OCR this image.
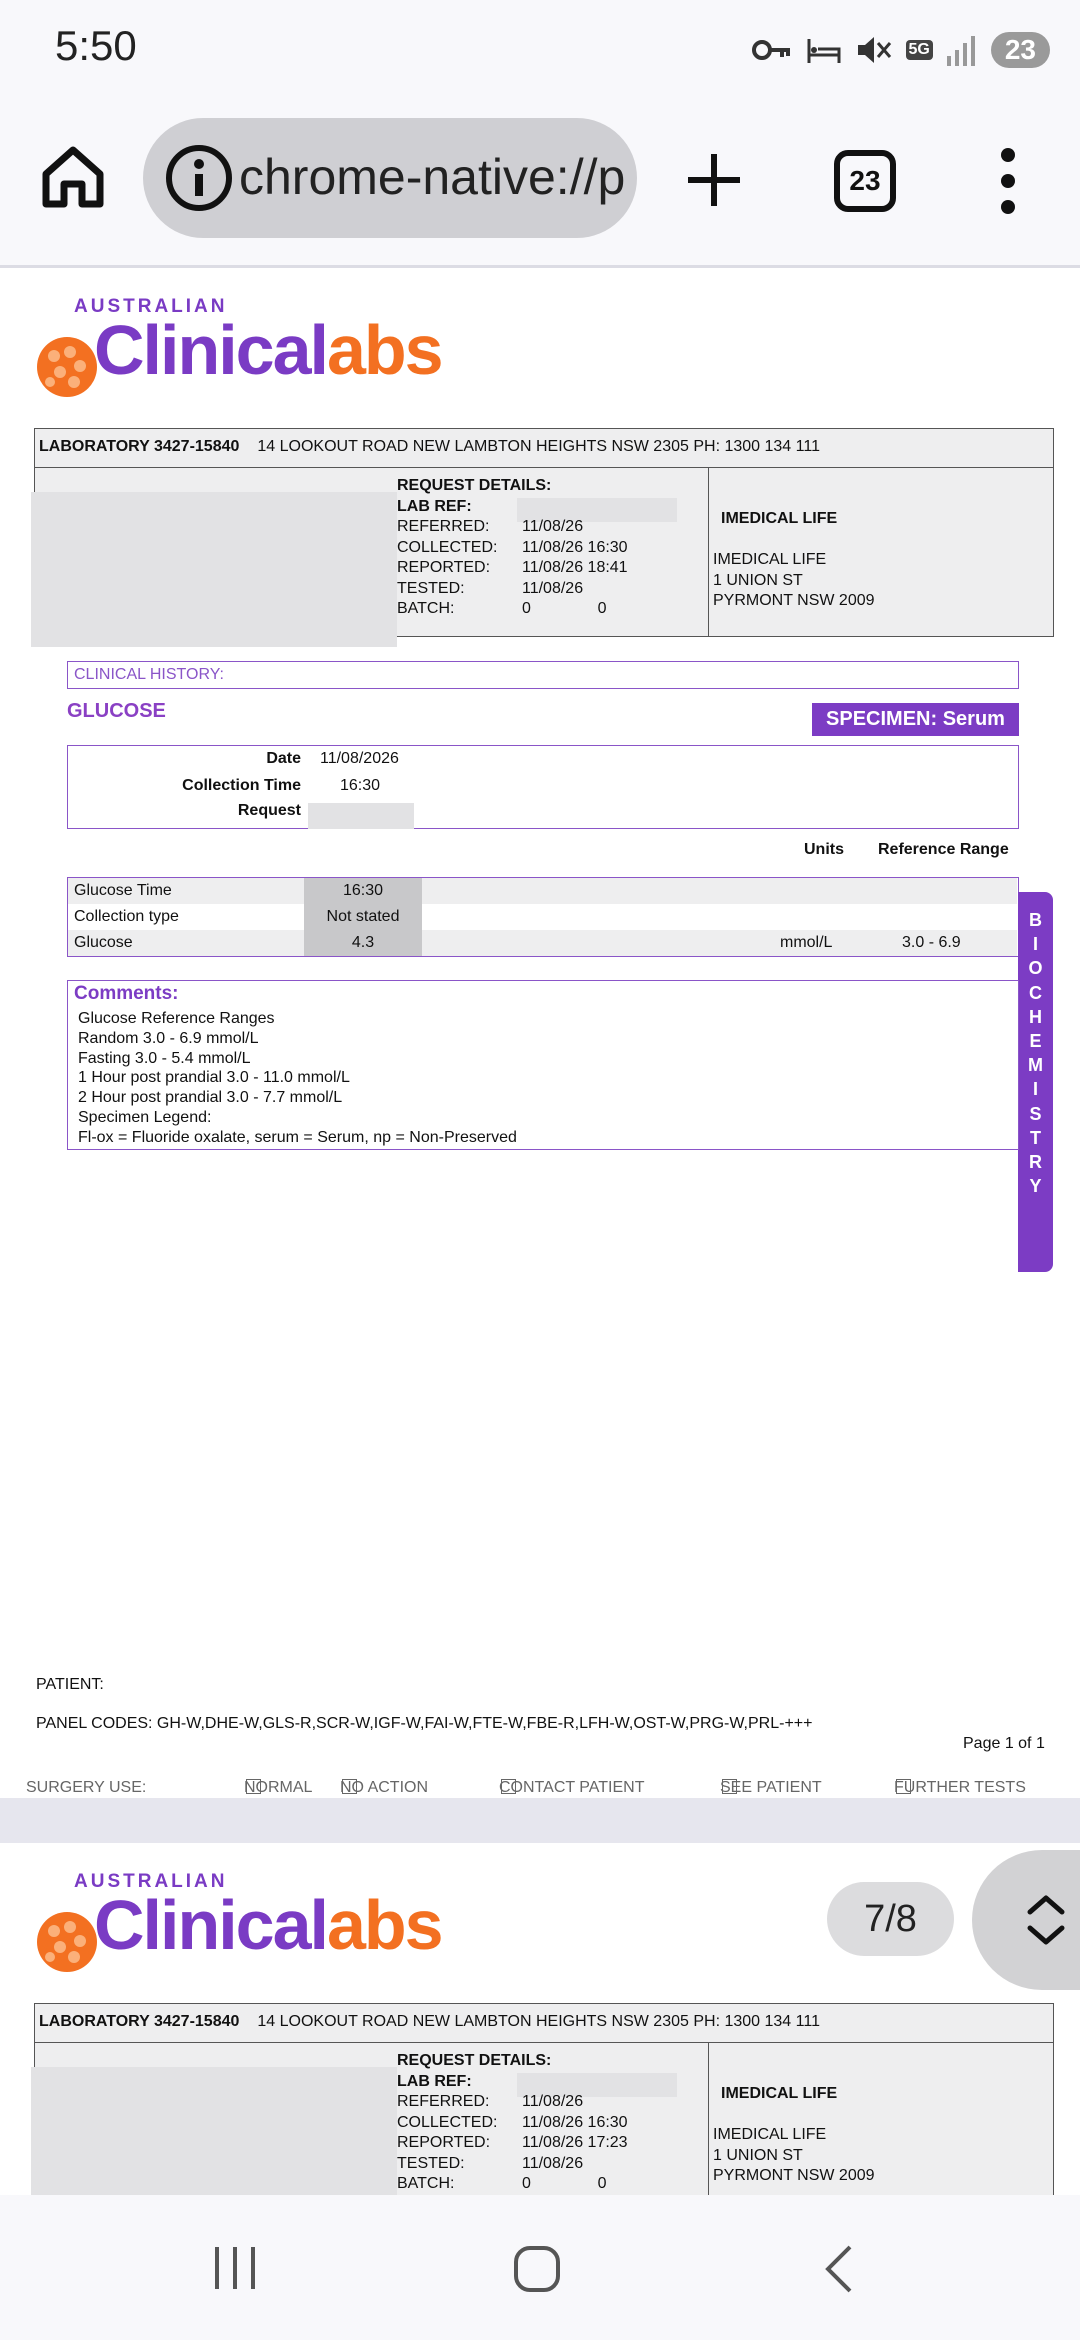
5:50	5G	23
chrome-native://p	23
AUSTRALIAN
Clinicalabs
LABORATORY 3427-15840 14 LOOKOUT ROAD NEW LAMBTON HEIGHTS NSW 2305 PH: 1300 134 111
REQUEST DETAILS:
LAB REF:
REFERRED:	11/08/26
COLLECTED:	11/08/26 16:30
REPORTED:	11/08/26 18:41
TESTED:	11/08/26
BATCH:	0               0
IMEDICAL LIFE
IMEDICAL LIFE
1 UNION ST
PYRMONT NSW 2009
CLINICAL HISTORY:
GLUCOSE	SPECIMEN: Serum
Date 11/08/2026
Collection Time 16:30
Request
Units Reference Range
Glucose Time	16:30
Collection type	Not stated
Glucose	4.3	mmol/L	3.0 - 6.9
B
I
O
C
H
E
M
I
S
T
R
Y
Comments:
Glucose Reference Ranges
Random 3.0 - 6.9 mmol/L
Fasting 3.0 - 5.4 mmol/L
1 Hour post prandial 3.0 - 11.0 mmol/L
2 Hour post prandial 3.0 - 7.7 mmol/L
Specimen Legend:
Fl-ox = Fluoride oxalate, serum = Serum, np = Non-Preserved
PATIENT:
PANEL CODES: GH-W,DHE-W,GLS-R,SCR-W,IGF-W,FAI-W,FTE-W,FBE-R,LFH-W,OST-W,PRG-W,PRL-+++
Page 1 of 1
SURGERY USE:	NORMAL NO ACTION	CONTACT PATIENT	SEE PATIENT	FURTHER TESTS
AUSTRALIAN
Clinicalabs
LABORATORY 3427-15840 14 LOOKOUT ROAD NEW LAMBTON HEIGHTS NSW 2305 PH: 1300 134 111
REQUEST DETAILS:
LAB REF:
REFERRED:	11/08/26
COLLECTED:	11/08/26 16:30
REPORTED:	11/08/26 17:23
TESTED:	11/08/26
BATCH:	0               0
IMEDICAL LIFE
IMEDICAL LIFE
1 UNION ST
PYRMONT NSW 2009
7/8
